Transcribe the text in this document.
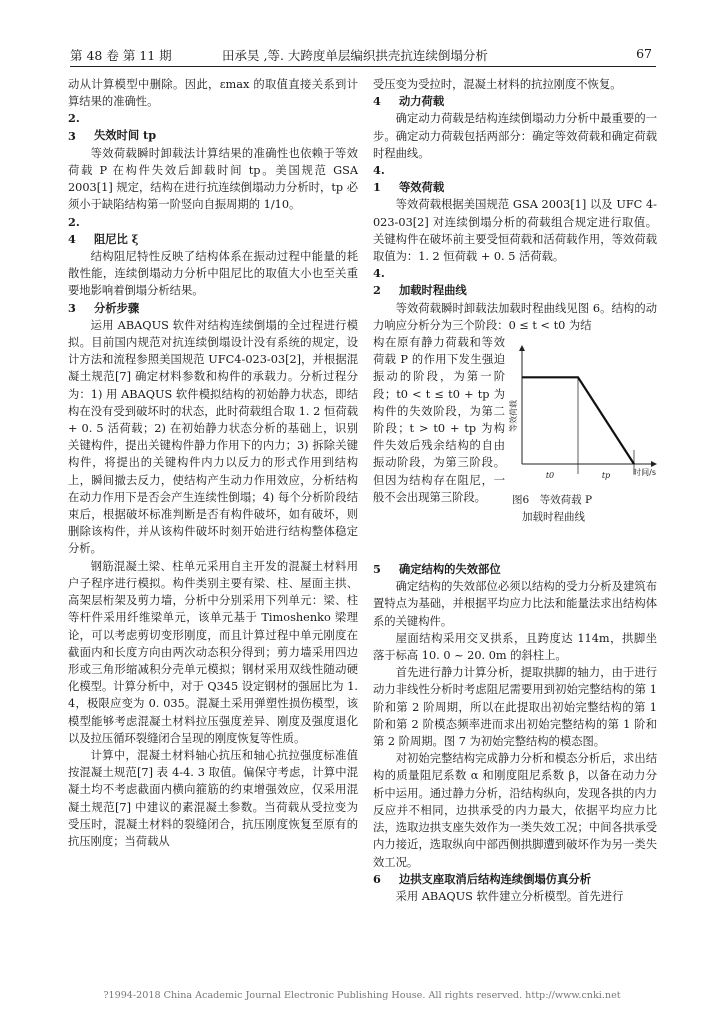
第 48 卷 第 11 期	田承昊 ,等. 大跨度单层编织拱壳抗连续倒塌分析	67

动从计算模型中删除。因此，εmax 的取值直接关系到计算结果的准确性。

2. 3 失效时间 tp

等效荷载瞬时卸载法计算结果的准确性也依赖于等效荷载 P 在构件失效后卸载时间 tp。美国规范 GSA 2003[1] 规定，结构在进行抗连续倒塌动力分析时，tp 必须小于缺陷结构第一阶竖向自振周期的 1/10。

2. 4 阻尼比 ξ

结构阻尼特性反映了结构体系在振动过程中能量的耗散性能，连续倒塌动力分析中阻尼比的取值大小也至关重要地影响着倒塌分析结果。

3 分析步骤

运用 ABAQUS 软件对结构连续倒塌的全过程进行模拟。目前国内规范对抗连续倒塌设计没有系统的规定，设计方法和流程参照美国规范 UFC4-023-03[2]，并根据混凝土规范[7] 确定材料参数和构件的承载力。分析过程分为：1) 用 ABAQUS 软件模拟结构的初始静力状态，即结构在没有受到破坏时的状态，此时荷载组合取 1. 2 恒荷载 + 0. 5 活荷载；2) 在初始静力状态分析的基础上，识别关键构件，提出关键构件静力作用下的内力；3) 拆除关键构件，将提出的关键构件内力以反力的形式作用到结构上，瞬间撤去反力，使结构产生动力作用效应，分析结构在动力作用下是否会产生连续性倒塌；4) 每个分析阶段结束后，根据破坏标准判断是否有构件破坏，如有破坏，则删除该构件，并从该构件破坏时刻开始进行结构整体稳定分析。

钢筋混凝土梁、柱单元采用自主开发的混凝土材料用户子程序进行模拟。构件类别主要有梁、柱、屋面主拱、高架层桁架及剪力墙，分析中分别采用下列单元：梁、柱等杆件采用纤维梁单元，该单元基于 Timoshenko 梁理论，可以考虑剪切变形刚度，而且计算过程中单元刚度在截面内和长度方向由两次动态积分得到；剪力墙采用四边形或三角形缩减积分壳单元模拟；钢材采用双线性随动硬化模型。计算分析中，对于 Q345 设定钢材的强屈比为 1. 4，极限应变为 0. 035。混凝土采用弹塑性损伤模型，该模型能够考虑混凝土材料拉压强度差异、刚度及强度退化以及拉压循环裂缝闭合呈现的刚度恢复等性质。

计算中，混凝土材料轴心抗压和轴心抗拉强度标准值按混凝土规范[7] 表 4-4. 3 取值。偏保守考虑，计算中混凝土均不考虑截面内横向箍筋的约束增强效应，仅采用混凝土规范[7] 中建议的素混凝土参数。当荷载从受拉变为受压时，混凝土材料的裂缝闭合，抗压刚度恢复至原有的抗压刚度；当荷载从

受压变为受拉时，混凝土材料的抗拉刚度不恢复。

4 动力荷载

确定动力荷载是结构连续倒塌动力分析中最重要的一步。确定动力荷载包括两部分：确定等效荷载和确定荷载时程曲线。

4. 1 等效荷载

等效荷载根据美国规范 GSA 2003[1] 以及 UFC 4-023-03[2] 对连续倒塌分析的荷载组合规定进行取值。关键构件在破坏前主要受恒荷载和活荷载作用，等效荷载取值为：1. 2 恒荷载 + 0. 5 活荷载。

4. 2 加载时程曲线

等效荷载瞬时卸载法加载时程曲线见图 6。结构的动力响应分析分为三个阶段：0 ≤ t < t0 为结

构在原有静力荷载和等效荷载 P 的作用下发生强迫振动的阶段，为第一阶段；t0 < t ≤ t0 + tp 为构件的失效阶段，为第二阶段；t > t0 + tp 为构件失效后残余结构的自由振动阶段，为第三阶段。但因为结构存在阻尼，一般不会出现第三阶段。

等效荷载
t0	tp	时间/s
图6　等效荷载 P
加载时程曲线
5 确定结构的失效部位

确定结构的失效部位必须以结构的受力分析及建筑布置特点为基础，并根据平均应力比法和能量法求出结构体系的关键构件。

屋面结构采用交叉拱系，且跨度达 114m，拱脚坐落于标高 10. 0 ~ 20. 0m 的斜柱上。

首先进行静力计算分析，提取拱脚的轴力，由于进行动力非线性分析时考虑阻尼需要用到初始完整结构的第 1 阶和第 2 阶周期，所以在此提取出初始完整结构的第 1 阶和第 2 阶模态频率进而求出初始完整结构的第 1 阶和第 2 阶周期。图 7 为初始完整结构的模态图。

对初始完整结构完成静力分析和模态分析后，求出结构的质量阻尼系数 α 和刚度阻尼系数 β，以备在动力分析中运用。通过静力分析，沿结构纵向，发现各拱的内力反应并不相同，边拱承受的内力最大，依据平均应力比法，选取边拱支座失效作为一类失效工况；中间各拱承受内力接近，选取纵向中部西侧拱脚遭到破坏作为另一类失效工况。

6 边拱支座取消后结构连续倒塌仿真分析

采用 ABAQUS 软件建立分析模型。首先进行

?1994-2018 China Academic Journal Electronic Publishing House. All rights reserved. http://www.cnki.net
